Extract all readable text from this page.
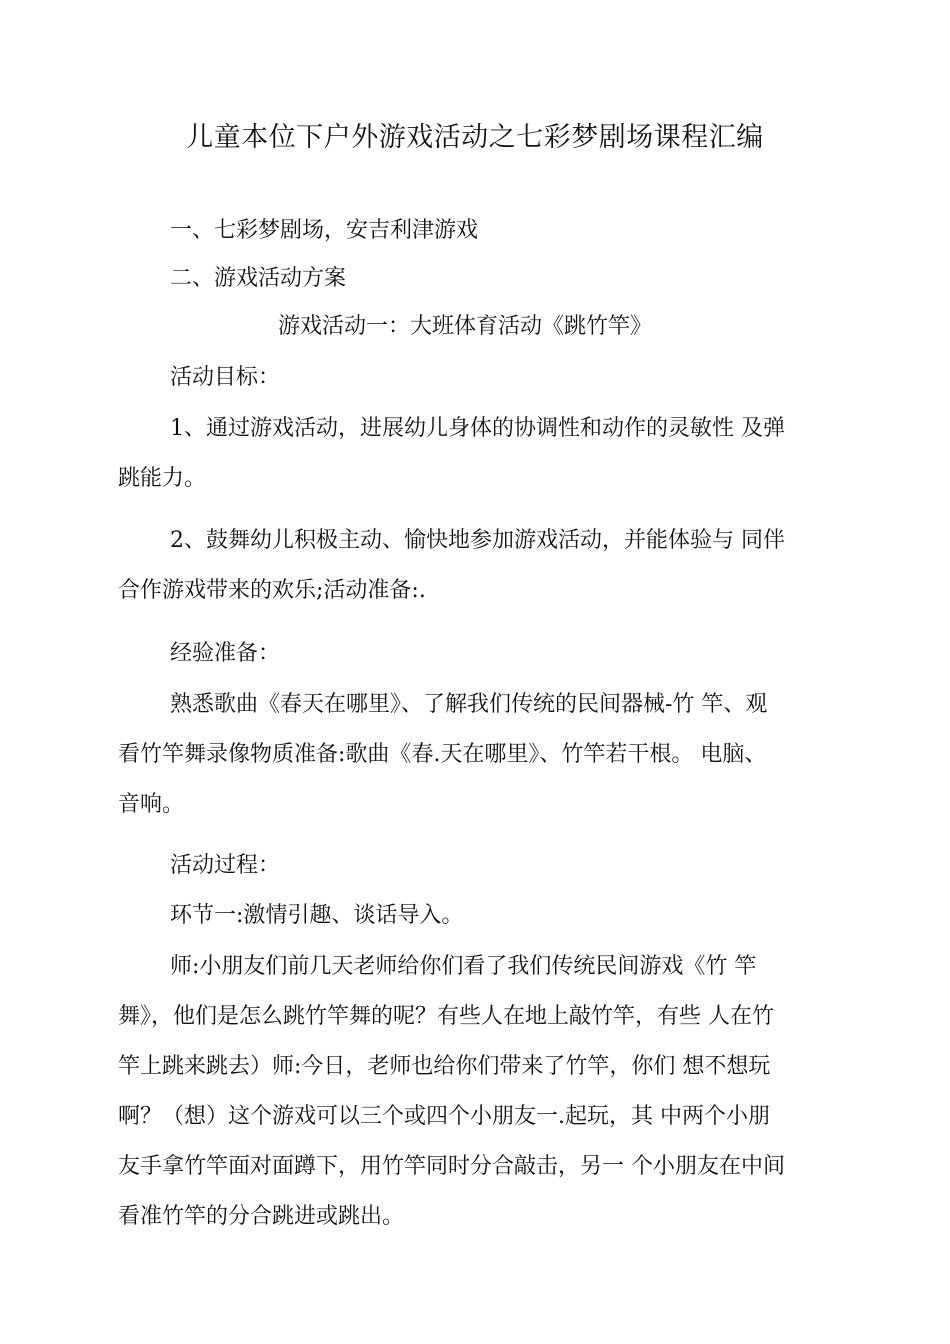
儿童本位下户外游戏活动之七彩梦剧场课程汇编
一、七彩梦剧场，安吉利津游戏
二、游戏活动方案
游戏活动一：大班体育活动《跳竹竿》
活动目标：
1、通过游戏活动，进展幼儿身体的协调性和动作的灵敏性 及弹
跳能力。
2、鼓舞幼儿积极主动、愉快地参加游戏活动，并能体验与 同伴
合作游戏带来的欢乐;活动准备:.
经验准备：
熟悉歌曲《春天在哪里》、了解我们传统的民间器械-竹 竿、观
看竹竿舞录像物质准备:歌曲《春.天在哪里》、竹竿若干根。 电脑、
音响。
活动过程：
环节一:激情引趣、谈话导入。
师:小朋友们前几天老师给你们看了我们传统民间游戏《竹 竿
舞》，他们是怎么跳竹竿舞的呢？有些人在地上敲竹竿，有些 人在竹
竿上跳来跳去）师:今日，老师也给你们带来了竹竿，你们 想不想玩
啊？（想）这个游戏可以三个或四个小朋友一.起玩，其 中两个小朋
友手拿竹竿面对面蹲下，用竹竿同时分合敲击，另一 个小朋友在中间
看准竹竿的分合跳进或跳出。
